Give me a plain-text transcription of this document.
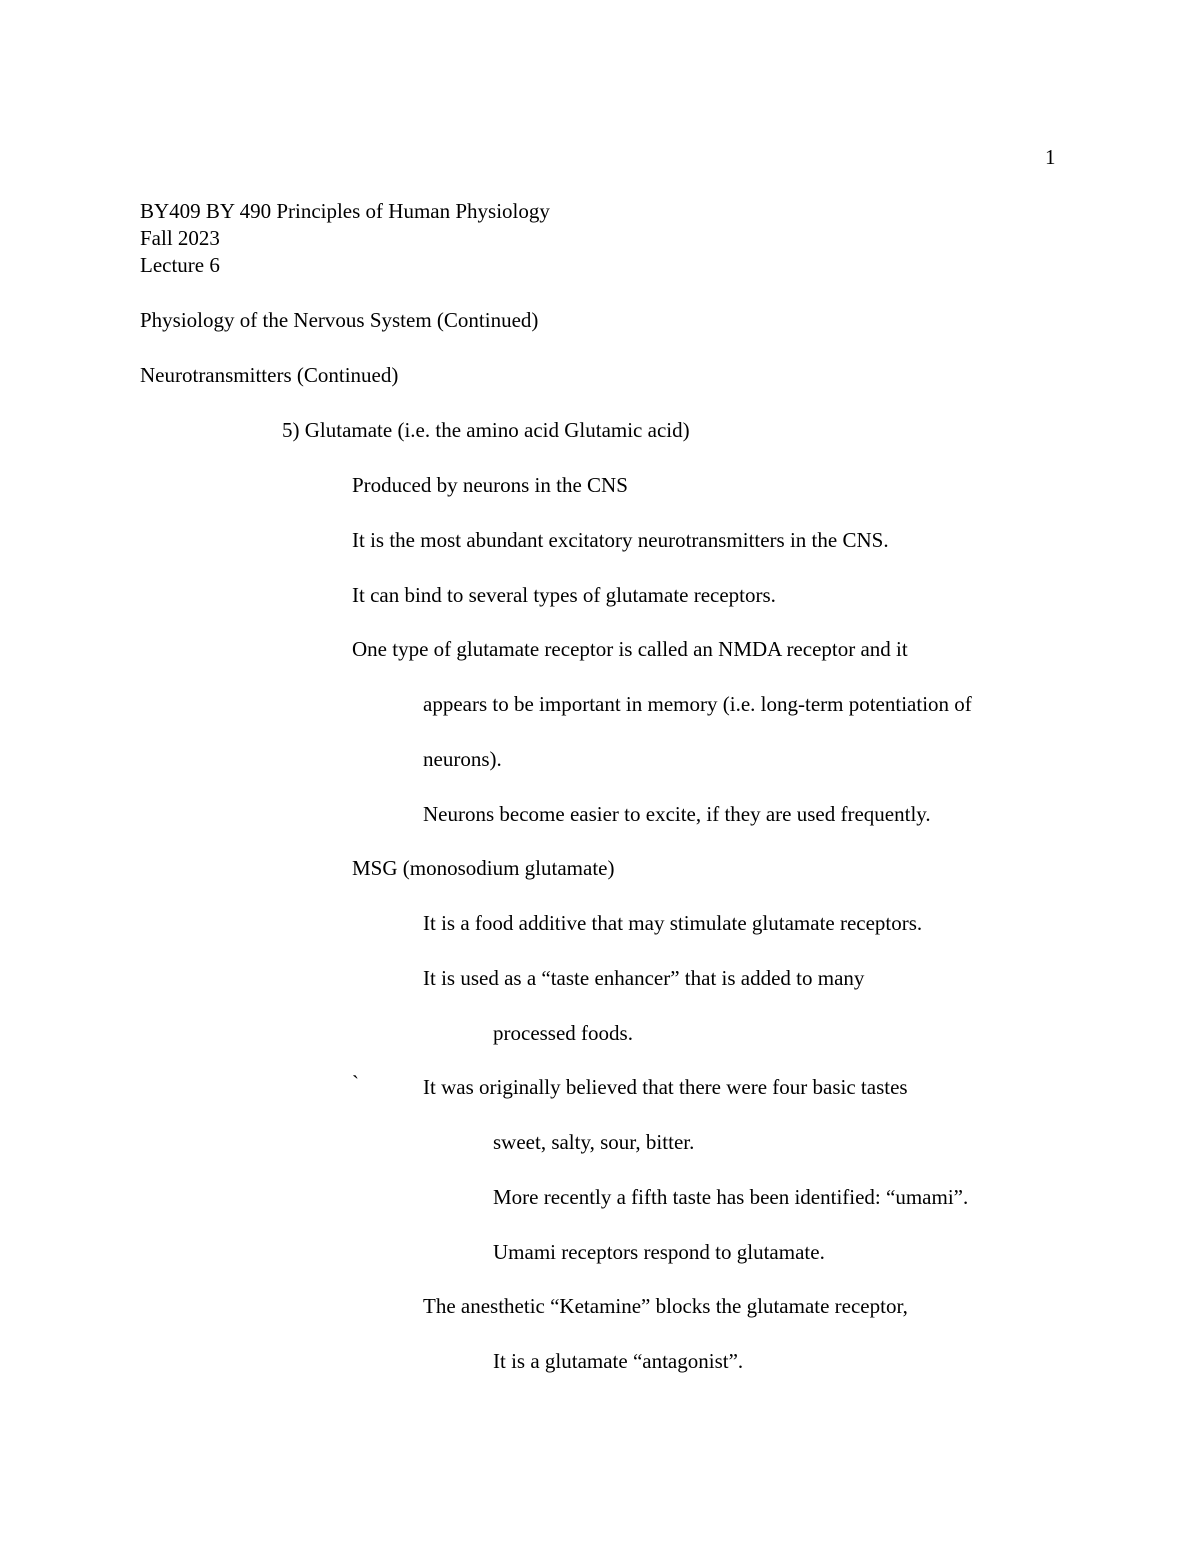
1
BY409 BY 490 Principles of Human Physiology
Fall 2023
Lecture 6
Physiology of the Nervous System (Continued)
Neurotransmitters (Continued)
5) Glutamate (i.e. the amino acid Glutamic acid)
Produced by neurons in the CNS
It is the most abundant excitatory neurotransmitters in the CNS.
It can bind to several types of glutamate receptors.
One type of glutamate receptor is called an NMDA receptor and it
appears to be important in memory (i.e. long-term potentiation of
neurons).
Neurons become easier to excite, if they are used frequently.
MSG (monosodium glutamate)
It is a food additive that may stimulate glutamate receptors.
It is used as a “taste enhancer” that is added to many
processed foods.
`	It was originally believed that there were four basic tastes
sweet, salty, sour, bitter.
More recently a fifth taste has been identified: “umami”.
Umami receptors respond to glutamate.
The anesthetic “Ketamine” blocks the glutamate receptor,
It is a glutamate “antagonist”.
